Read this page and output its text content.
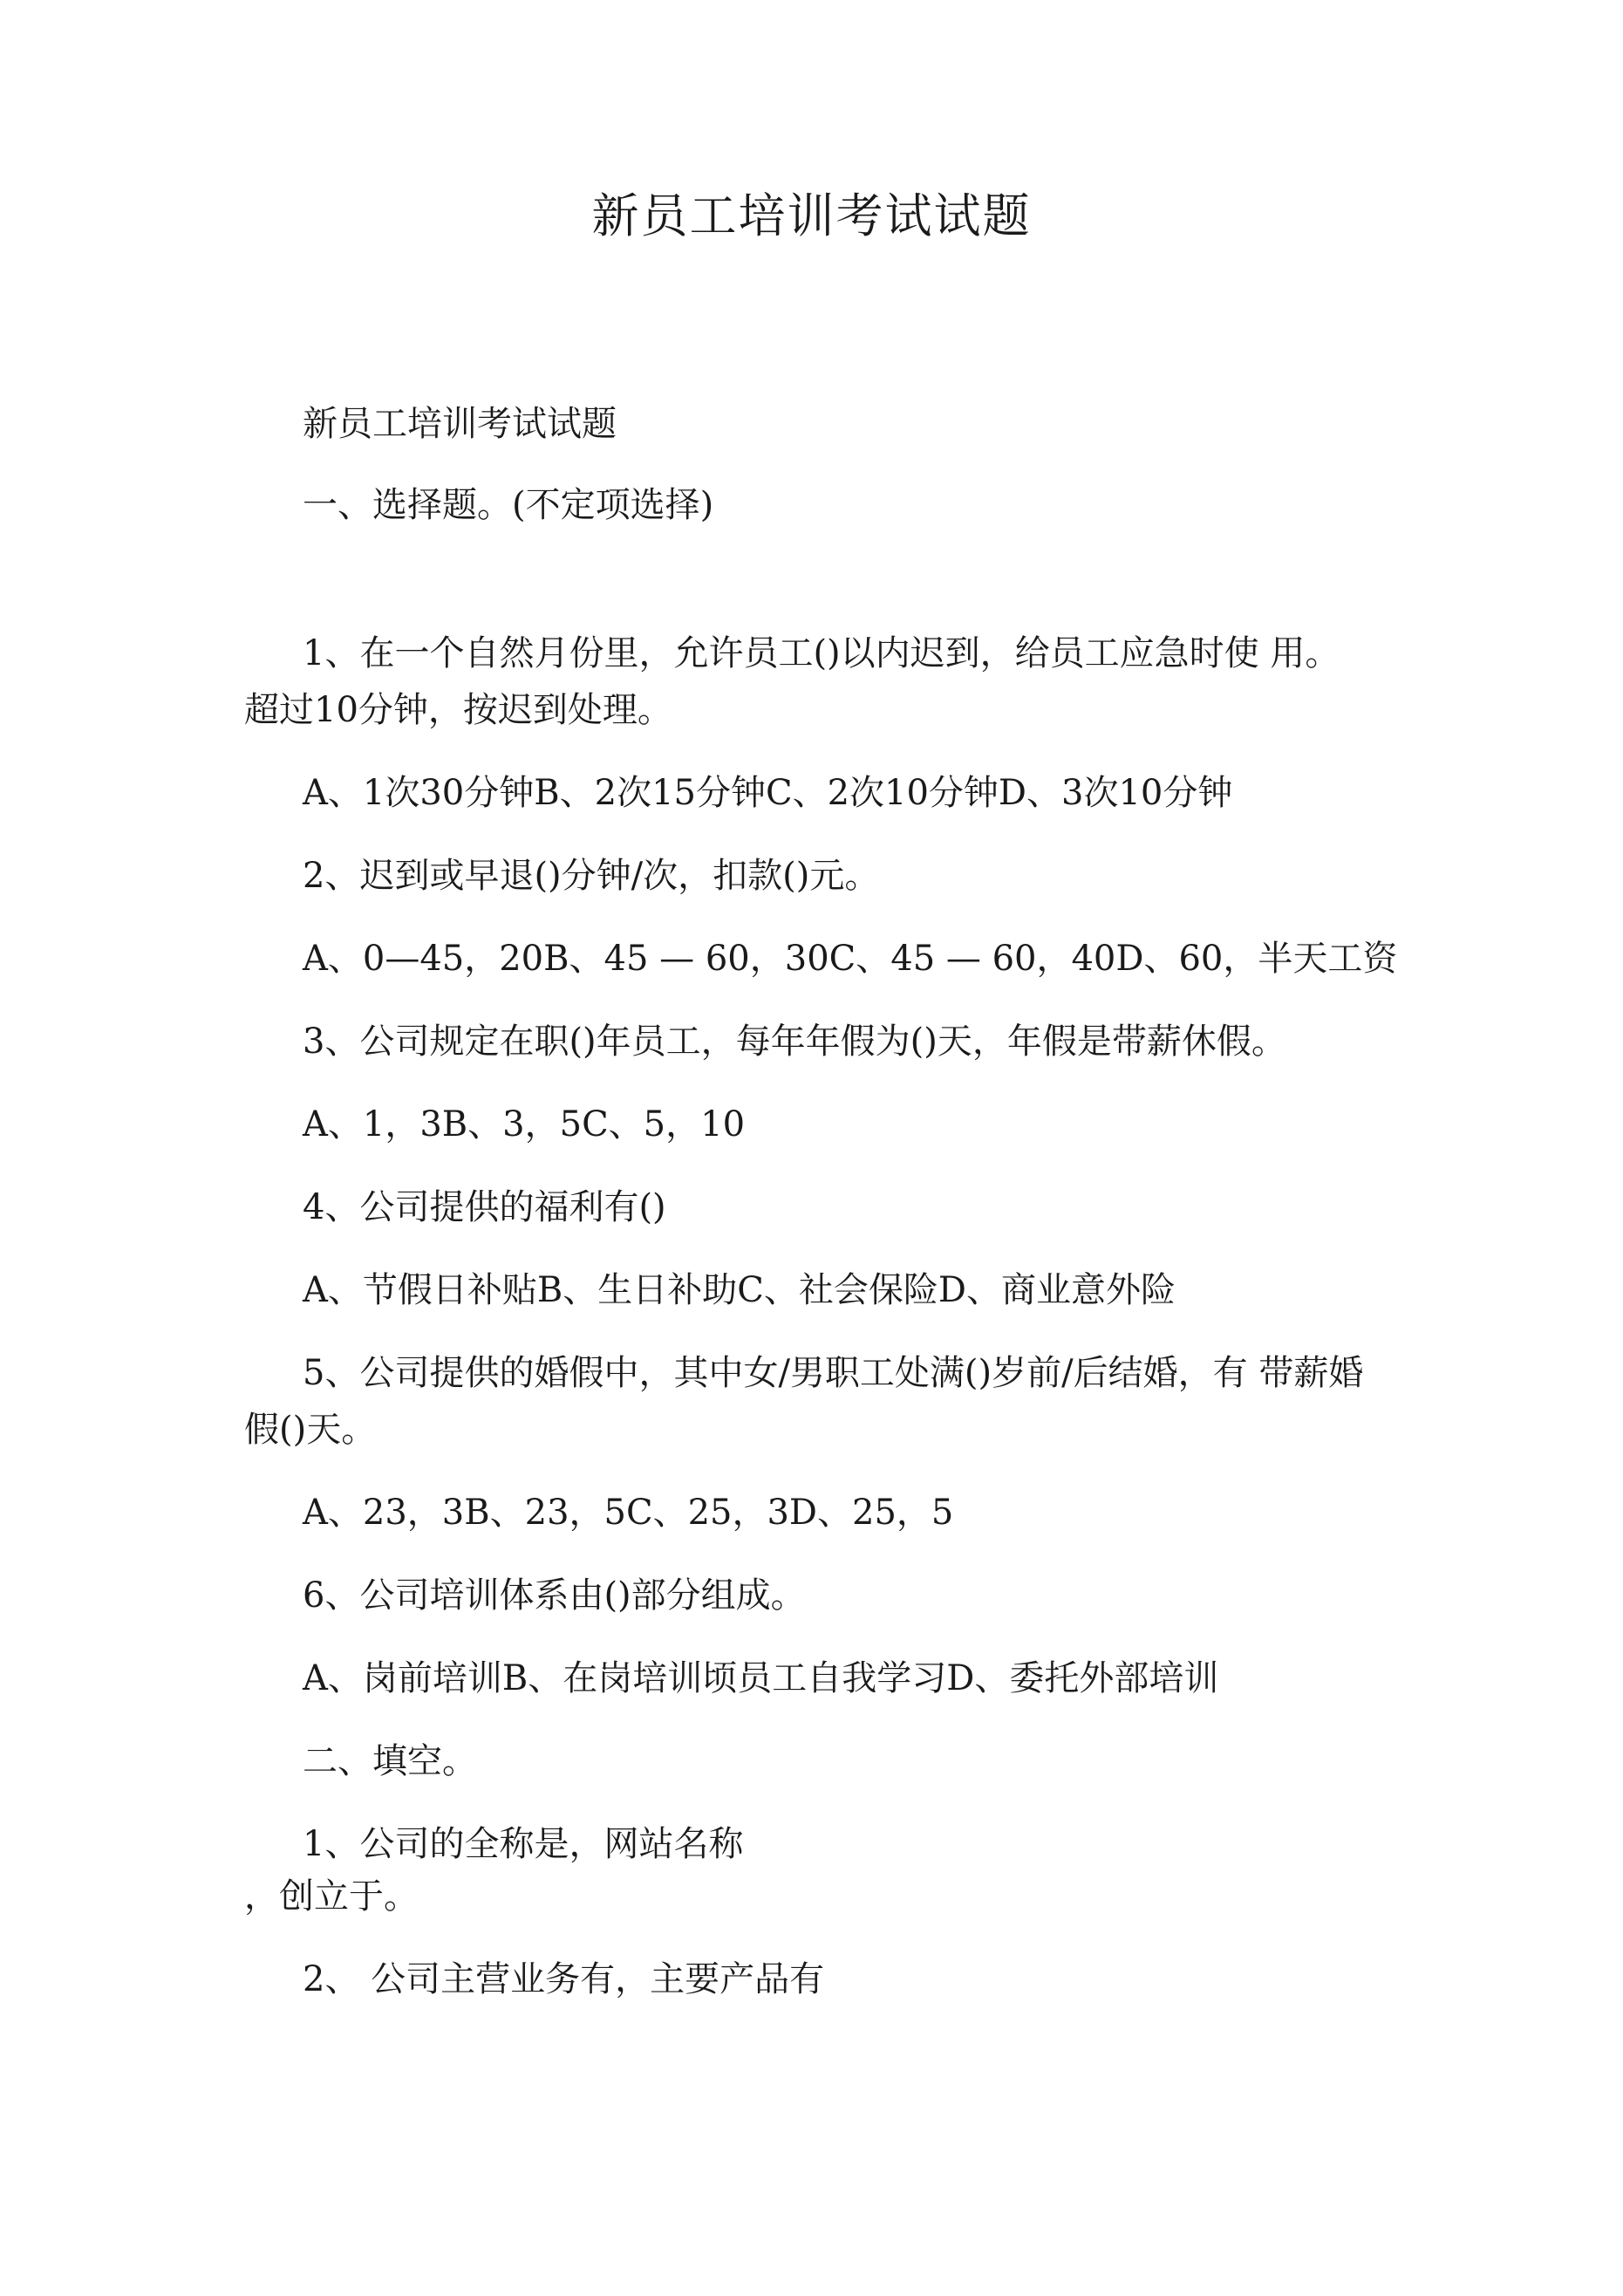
新员工培训考试试题
新员工培训考试试题
一、选择题。(不定项选择)
1、在一个自然月份里，允许员工()以内迟到，给员工应急时使 用。
超过10分钟，按迟到处理。
A、1次30分钟B、2次15分钟C、2次10分钟D、3次10分钟
2、迟到或早退()分钟/次，扣款()元。
A、0—45，20B、45 — 60，30C、45 — 60，40D、60，半天工资
3、公司规定在职()年员工，每年年假为()天，年假是带薪休假。
A、1，3B、3，5C、5，10
4、公司提供的福利有()
A、节假日补贴B、生日补助C、社会保险D、商业意外险
5、公司提供的婚假中，其中女/男职工处满()岁前/后结婚，有 带薪婚
假()天。
A、23，3B、23，5C、25，3D、25，5
6、公司培训体系由()部分组成。
A、岗前培训B、在岗培训顷员工自我学习D、委托外部培训
二、填空。
1、公司的全称是，网站名称
，创立于。
2、 公司主营业务有，主要产品有
